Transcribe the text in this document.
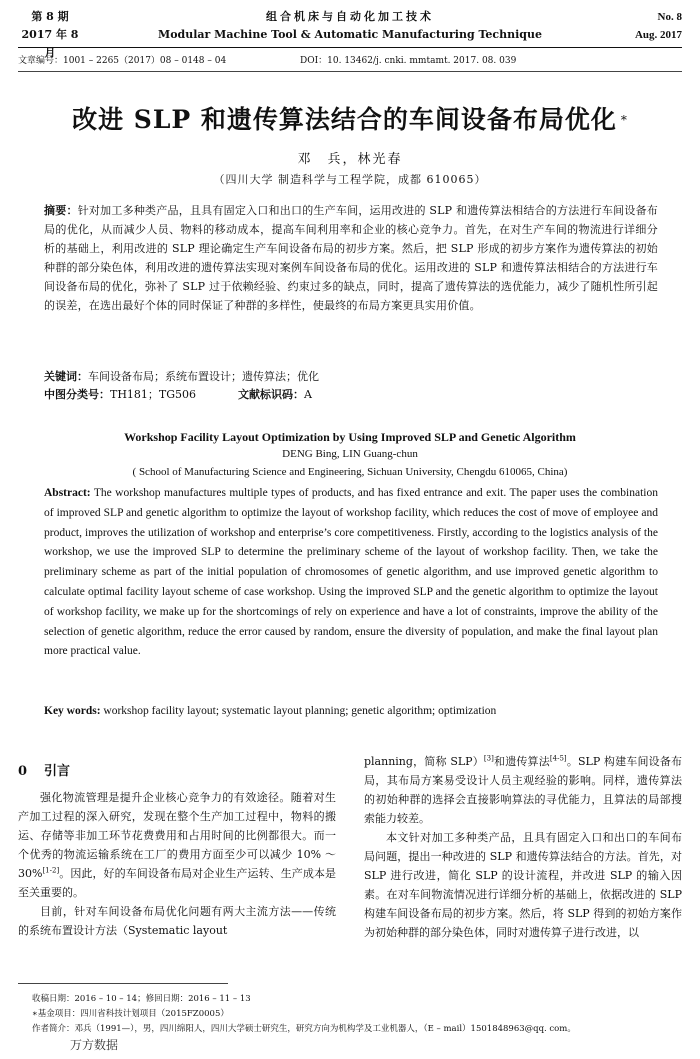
第 8 期
2017 年 8 月
组合机床与自动化加工技术
Modular Machine Tool & Automatic Manufacturing Technique
No. 8
Aug. 2017
文章编号：1001 – 2265（2017）08 – 0148 – 04	DOI：10. 13462/j. cnki. mmtamt. 2017. 08. 039
改进 SLP 和遗传算法结合的车间设备布局优化 *
邓　兵，林光春
（四川大学 制造科学与工程学院，成都 610065）
摘要：针对加工多种类产品，且具有固定入口和出口的生产车间，运用改进的 SLP 和遗传算法相结合的方法进行车间设备布局的优化，从而减少人员、物料的移动成本，提高车间利用率和企业的核心竞争力。首先，在对生产车间的物流进行详细分析的基础上，利用改进的 SLP 理论确定生产车间设备布局的初步方案。然后，把 SLP 形成的初步方案作为遗传算法的初始种群的部分染色体，利用改进的遗传算法实现对案例车间设备布局的优化。运用改进的 SLP 和遗传算法相结合的方法进行车间设备布局的优化，弥补了 SLP 过于依赖经验、约束过多的缺点，同时，提高了遗传算法的选优能力，减少了随机性所引起的误差，在选出最好个体的同时保证了种群的多样性，使最终的布局方案更具实用价值。
关键词：车间设备布局；系统布置设计；遗传算法；优化
中图分类号：TH181；TG506	文献标识码：A
Workshop Facility Layout Optimization by Using Improved SLP and Genetic Algorithm
DENG Bing, LIN Guang-chun
( School of Manufacturing Science and Engineering, Sichuan University, Chengdu 610065, China)
Abstract: The workshop manufactures multiple types of products, and has fixed entrance and exit. The paper uses the combination of improved SLP and genetic algorithm to optimize the layout of workshop facility, which reduces the cost of move of employee and product, improves the utilization of workshop and enterprise’s core competitiveness. Firstly, according to the logistics analysis of the workshop, we use the improved SLP to determine the preliminary scheme of the layout of workshop facility. Then, we take the preliminary scheme as part of the initial population of chromosomes of genetic algorithm, and use improved genetic algorithm to calculate optimal facility layout scheme of case workshop. Using the improved SLP and the genetic algorithm to optimize the layout of workshop facility, we make up for the shortcomings of rely on experience and have a lot of constraints, improve the ability of the selection of genetic algorithm, reduce the error caused by random, ensure the diversity of population, and make the final layout plan more practical value.
Key words: workshop facility layout; systematic layout planning; genetic algorithm; optimization
0 引言

强化物流管理是提升企业核心竞争力的有效途径。随着对生产加工过程的深入研究，发现在整个生产加工过程中，物料的搬运、存储等非加工环节花费费用和占用时间的比例都很大。而一个优秀的物流运输系统在工厂的费用方面至少可以减少 10% ～ 30%[1-2]。因此，好的车间设备布局对企业生产运转、生产成本是至关重要的。

目前，针对车间设备布局优化问题有两大主流方法——传统的系统布置设计方法（Systematic layout

planning，简称 SLP）[3]和遗传算法[4-5]。SLP 构建车间设备布局，其布局方案易受设计人员主观经验的影响。同样，遗传算法的初始种群的选择会直接影响算法的寻优能力，且算法的局部搜索能力较差。

本文针对加工多种类产品，且具有固定入口和出口的车间布局问题，提出一种改进的 SLP 和遗传算法结合的方法。首先，对 SLP 进行改进，简化 SLP 的设计流程，并改进 SLP 的输入因素。在对车间物流情况进行详细分析的基础上，依据改进的 SLP 构建车间设备布局的初步方案。然后，将 SLP 得到的初始方案作为初始种群的部分染色体，同时对遗传算子进行改进，以

收稿日期：2016 – 10 – 14；修回日期：2016 – 11 – 13
∗基金项目：四川省科技计划项目（2015FZ0005）
作者简介：邓兵（1991—），男，四川绵阳人，四川大学硕士研究生，研究方向为机构学及工业机器人，（E – mail）1501848963@qq. com。
万方数据
